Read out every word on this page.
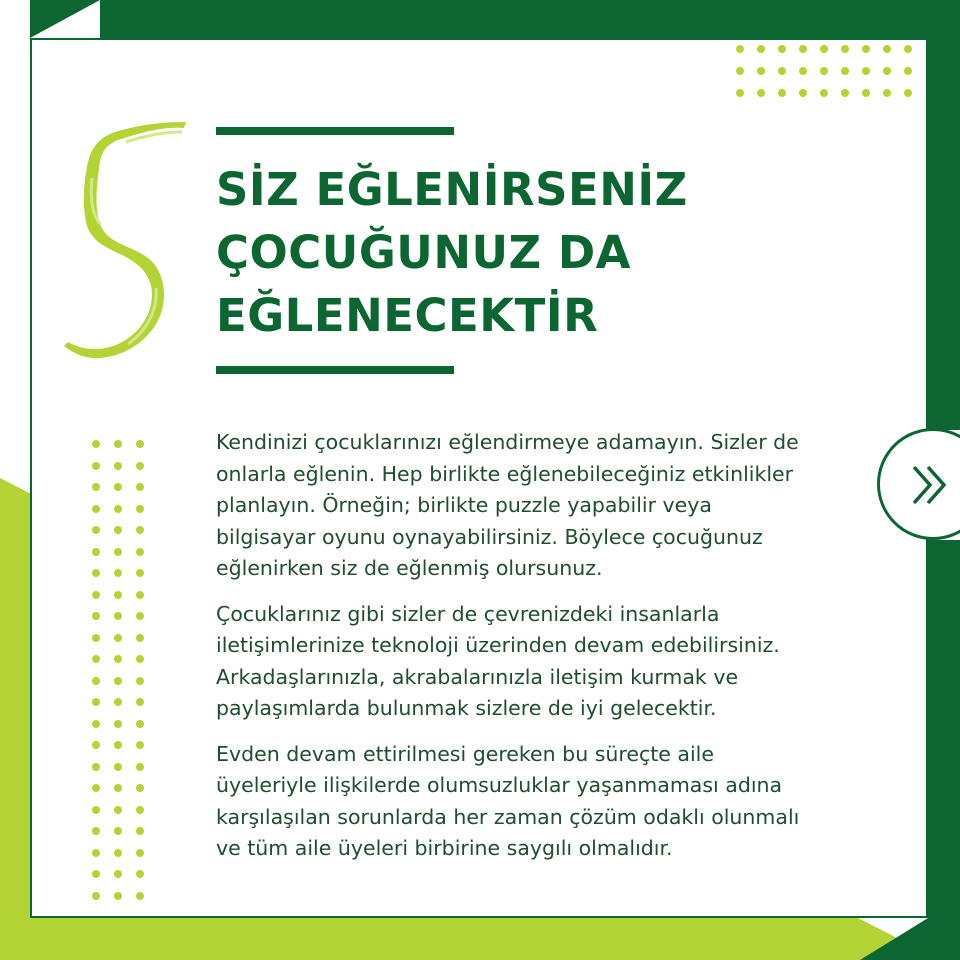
SİZ EĞLENİRSENİZ
ÇOCUĞUNUZ DA
EĞLENECEKTİR

Kendinizi çocuklarınızı eğlendirmeye adamayın. Sizler de
onlarla eğlenin. Hep birlikte eğlenebileceğiniz etkinlikler
planlayın. Örneğin; birlikte puzzle yapabilir veya
bilgisayar oyunu oynayabilirsiniz. Böylece çocuğunuz
eğlenirken siz de eğlenmiş olursunuz.

Çocuklarınız gibi sizler de çevrenizdeki insanlarla
iletişimlerinize teknoloji üzerinden devam edebilirsiniz.
Arkadaşlarınızla, akrabalarınızla iletişim kurmak ve
paylaşımlarda bulunmak sizlere de iyi gelecektir.

Evden devam ettirilmesi gereken bu süreçte aile
üyeleriyle ilişkilerde olumsuzluklar yaşanmaması adına
karşılaşılan sorunlarda her zaman çözüm odaklı olunmalı
ve tüm aile üyeleri birbirine saygılı olmalıdır.
